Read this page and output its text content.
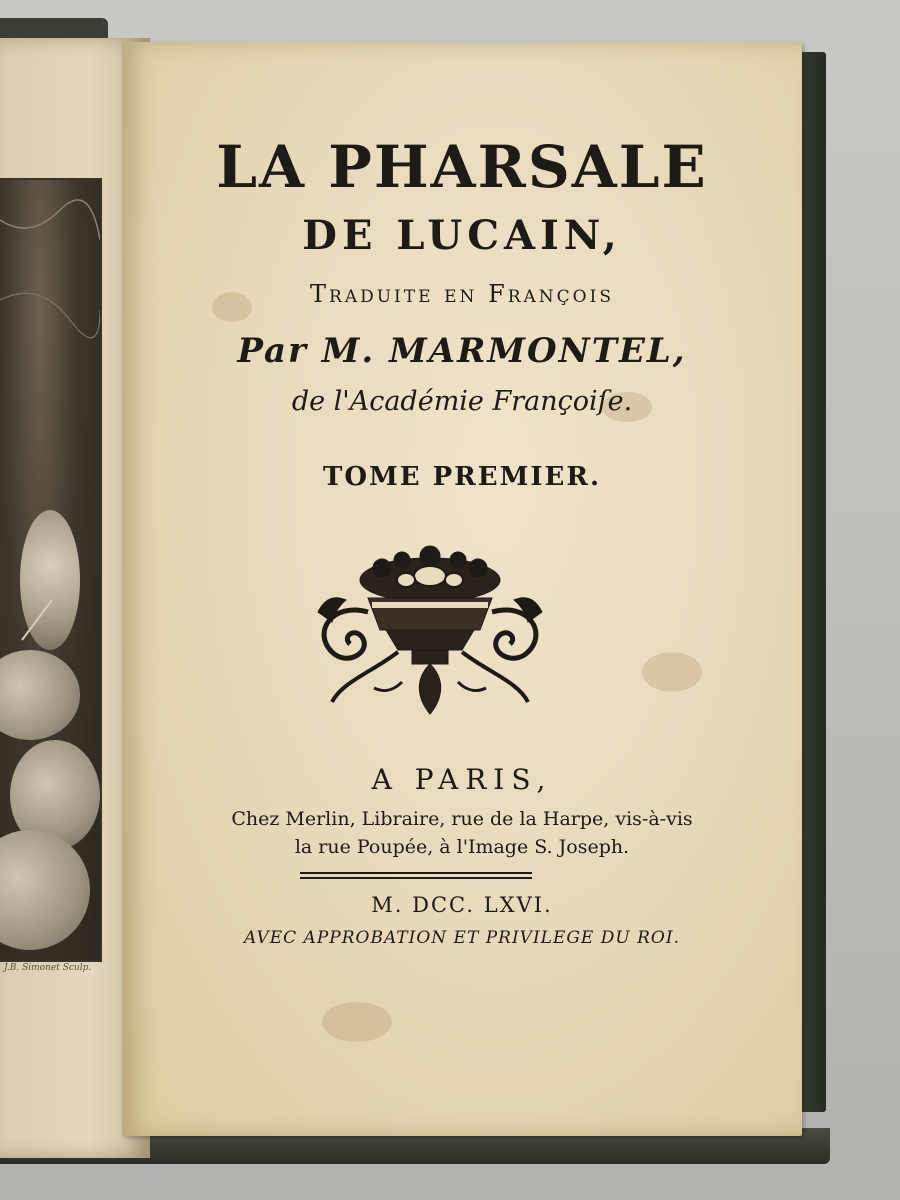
J.B. Simonet Sculp.
LA PHARSALE
DE LUCAIN,
Traduite en François
Par M. MARMONTEL,
de l'Académie Françoiſe.
TOME PREMIER.
A PARIS,
Chez Merlin, Libraire, rue de la Harpe, vis-à-vis
la rue Poupée, à l'Image S. Joseph.
M. DCC. LXVI.
AVEC APPROBATION ET PRIVILEGE DU ROI.
